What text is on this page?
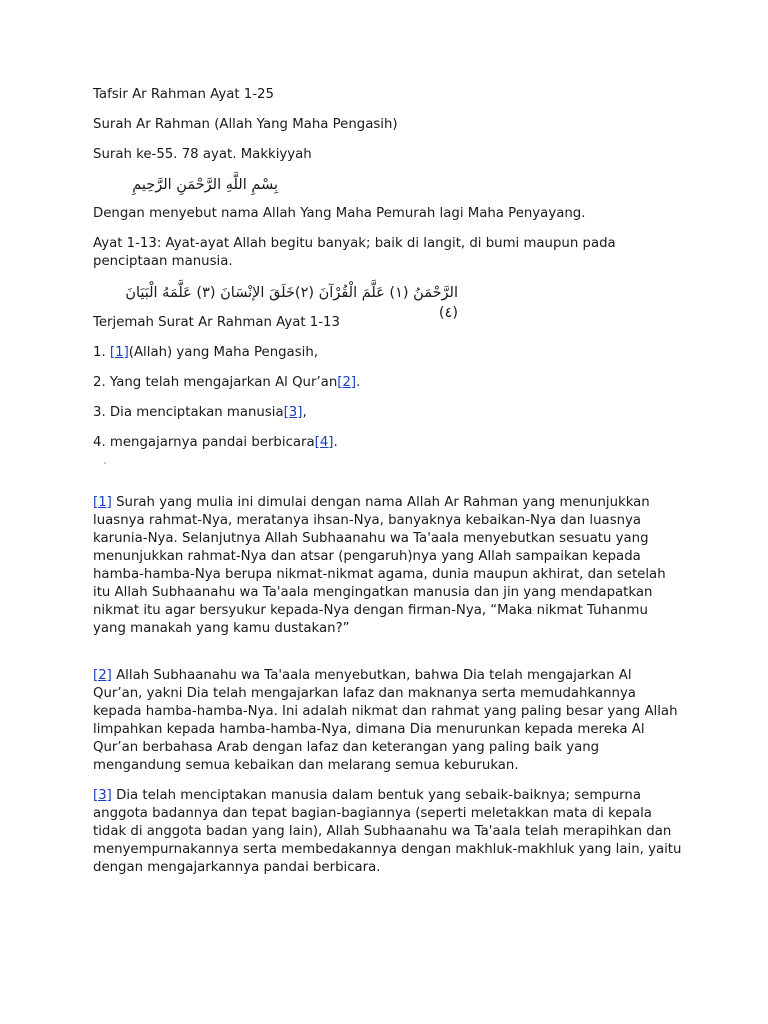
Tafsir Ar Rahman Ayat 1-25

Surah Ar Rahman (Allah Yang Maha Pengasih)

Surah ke-55. 78 ayat. Makkiyyah

بِسْمِ اللَّهِ الرَّحْمَنِ الرَّحِيمِ

Dengan menyebut nama Allah Yang Maha Pemurah lagi Maha Penyayang.

Ayat 1-13: Ayat-ayat Allah begitu banyak; baik di langit, di bumi maupun pada penciptaan manusia.

الرَّحْمَنُ (١) عَلَّمَ الْقُرْآنَ (٢)خَلَقَ الإنْسَانَ (٣) عَلَّمَهُ الْبَيَانَ (٤)

Terjemah Surat Ar Rahman Ayat 1-13

1. [1](Allah) yang Maha Pengasih,

2. Yang telah mengajarkan Al Qur’an[2].

3. Dia menciptakan manusia[3],

4. mengajarnya pandai berbicara[4].

[1] Surah yang mulia ini dimulai dengan nama Allah Ar Rahman yang menunjukkan luasnya rahmat-Nya, meratanya ihsan-Nya, banyaknya kebaikan-Nya dan luasnya karunia-Nya. Selanjutnya Allah Subhaanahu wa Ta'aala menyebutkan sesuatu yang menunjukkan rahmat-Nya dan atsar (pengaruh)nya yang Allah sampaikan kepada hamba-hamba-Nya berupa nikmat-nikmat agama, dunia maupun akhirat, dan setelah itu Allah Subhaanahu wa Ta'aala mengingatkan manusia dan jin yang mendapatkan nikmat itu agar bersyukur kepada-Nya dengan firman-Nya, “Maka nikmat Tuhanmu yang manakah yang kamu dustakan?”

[2] Allah Subhaanahu wa Ta'aala menyebutkan, bahwa Dia telah mengajarkan Al Qur’an, yakni Dia telah mengajarkan lafaz dan maknanya serta memudahkannya kepada hamba-hamba-Nya. Ini adalah nikmat dan rahmat yang paling besar yang Allah limpahkan kepada hamba-hamba-Nya, dimana Dia menurunkan kepada mereka Al Qur’an berbahasa Arab dengan lafaz dan keterangan yang paling baik yang mengandung semua kebaikan dan melarang semua keburukan.

[3] Dia telah menciptakan manusia dalam bentuk yang sebaik-baiknya; sempurna anggota badannya dan tepat bagian-bagiannya (seperti meletakkan mata di kepala tidak di anggota badan yang lain), Allah Subhaanahu wa Ta'aala telah merapihkan dan menyempurnakannya serta membedakannya dengan makhluk-makhluk yang lain, yaitu dengan mengajarkannya pandai berbicara.
